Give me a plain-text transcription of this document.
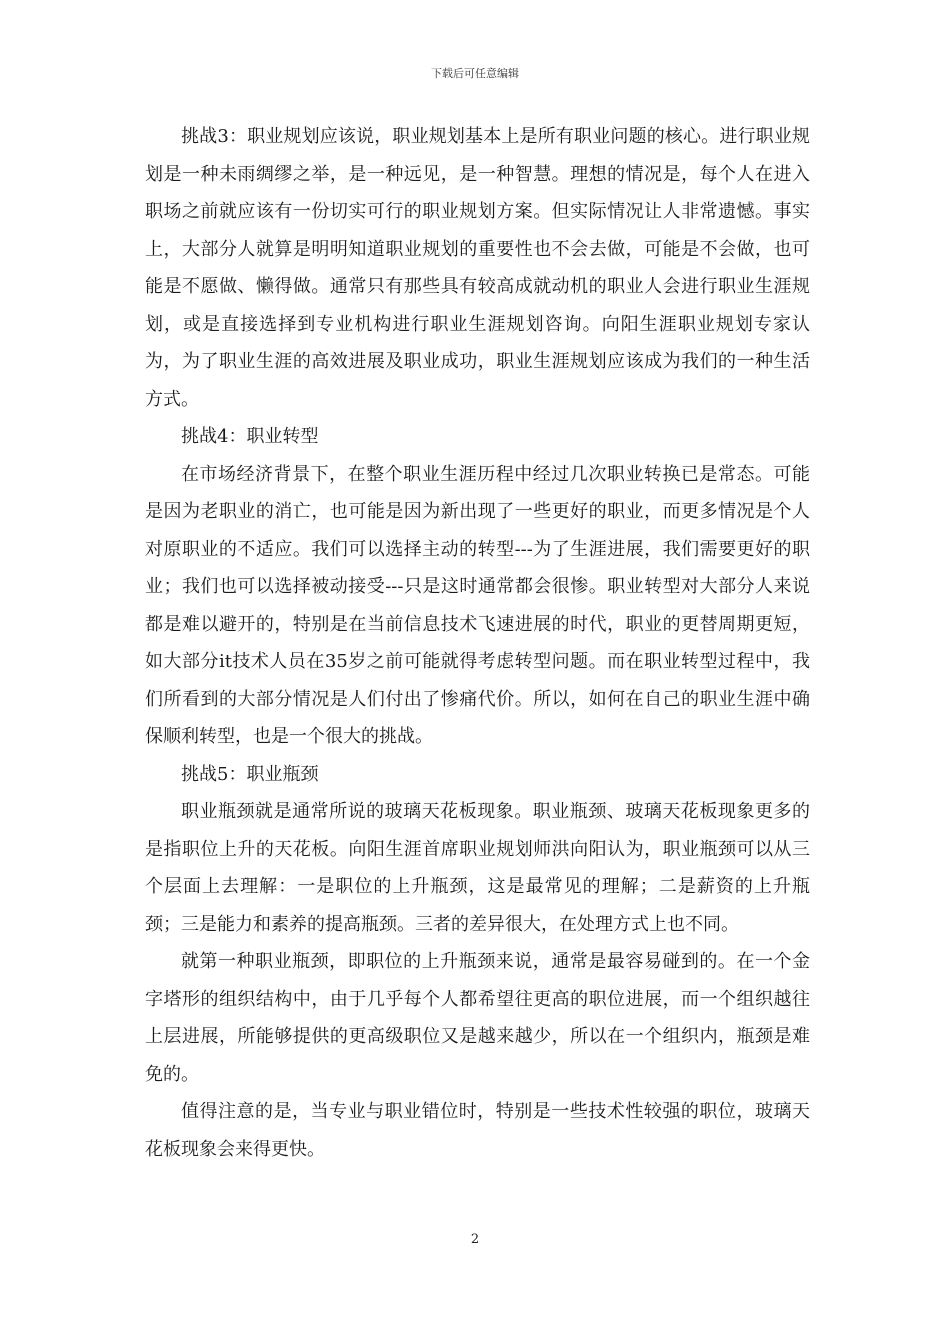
下载后可任意编辑

挑战3：职业规划应该说，职业规划基本上是所有职业问题的核心。进行职业规划是一种未雨绸缪之举，是一种远见，是一种智慧。理想的情况是，每个人在进入职场之前就应该有一份切实可行的职业规划方案。但实际情况让人非常遗憾。事实上，大部分人就算是明明知道职业规划的重要性也不会去做，可能是不会做，也可能是不愿做、懒得做。通常只有那些具有较高成就动机的职业人会进行职业生涯规划，或是直接选择到专业机构进行职业生涯规划咨询。向阳生涯职业规划专家认为，为了职业生涯的高效进展及职业成功，职业生涯规划应该成为我们的一种生活方式。

挑战4：职业转型

在市场经济背景下，在整个职业生涯历程中经过几次职业转换已是常态。可能是因为老职业的消亡，也可能是因为新出现了一些更好的职业，而更多情况是个人对原职业的不适应。我们可以选择主动的转型---为了生涯进展，我们需要更好的职业；我们也可以选择被动接受---只是这时通常都会很惨。职业转型对大部分人来说都是难以避开的，特别是在当前信息技术飞速进展的时代，职业的更替周期更短，如大部分it技术人员在35岁之前可能就得考虑转型问题。而在职业转型过程中，我们所看到的大部分情况是人们付出了惨痛代价。所以，如何在自己的职业生涯中确保顺利转型，也是一个很大的挑战。

挑战5：职业瓶颈

职业瓶颈就是通常所说的玻璃天花板现象。职业瓶颈、玻璃天花板现象更多的是指职位上升的天花板。向阳生涯首席职业规划师洪向阳认为，职业瓶颈可以从三个层面上去理解：一是职位的上升瓶颈，这是最常见的理解；二是薪资的上升瓶颈；三是能力和素养的提高瓶颈。三者的差异很大，在处理方式上也不同。

就第一种职业瓶颈，即职位的上升瓶颈来说，通常是最容易碰到的。在一个金字塔形的组织结构中，由于几乎每个人都希望往更高的职位进展，而一个组织越往上层进展，所能够提供的更高级职位又是越来越少，所以在一个组织内，瓶颈是难免的。

值得注意的是，当专业与职业错位时，特别是一些技术性较强的职位，玻璃天花板现象会来得更快。

2
